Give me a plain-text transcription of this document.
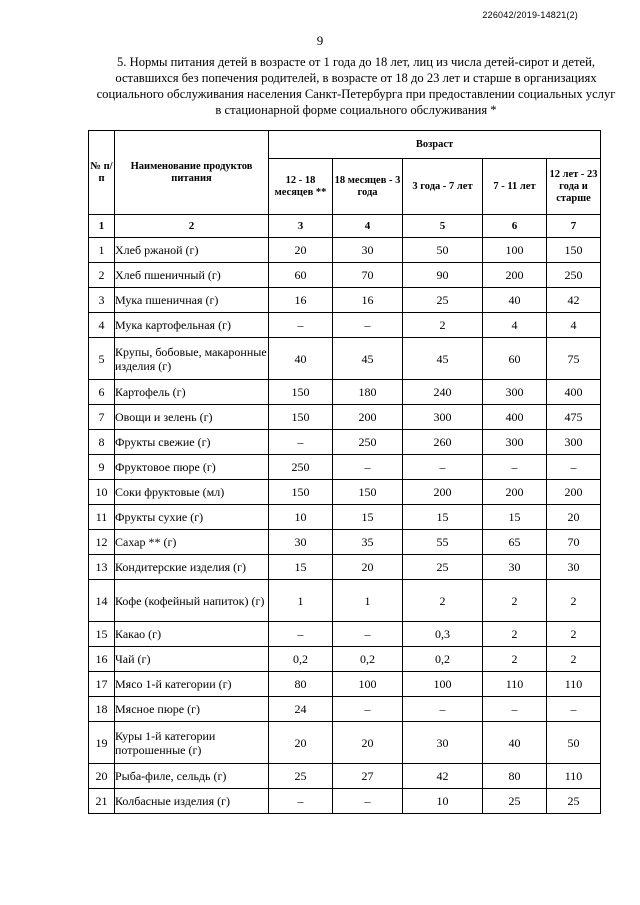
226042/2019-14821(2)
9
5. Нормы питания детей в возрасте от 1 года до 18 лет, лиц из числа детей-сирот и детей, оставшихся без попечения родителей, в возрасте от 18 до 23 лет и старше в организациях социального обслуживания населения Санкт-Петербурга при предоставлении социальных услуг в стационарной форме социального обслуживания *
№ п/п	Наименование продуктов питания	Возраст				
		12 - 18 месяцев **	18 месяцев - 3 года	3 года - 7 лет	7 - 11 лет	12 лет - 23 года и старше
1	2	3	4	5	6	7
1	Хлеб ржаной (г)	20	30	50	100	150
2	Хлеб пшеничный (г)	60	70	90	200	250
3	Мука пшеничная (г)	16	16	25	40	42
4	Мука картофельная (г)	–	–	2	4	4
5	Крупы, бобовые, макаронные изделия (г)	40	45	45	60	75
6	Картофель (г)	150	180	240	300	400
7	Овощи и зелень (г)	150	200	300	400	475
8	Фрукты свежие (г)	–	250	260	300	300
9	Фруктовое пюре (г)	250	–	–	–	–
10	Соки фруктовые (мл)	150	150	200	200	200
11	Фрукты сухие (г)	10	15	15	15	20
12	Сахар ** (г)	30	35	55	65	70
13	Кондитерские изделия (г)	15	20	25	30	30
14	Кофе (кофейный напиток) (г)	1	1	2	2	2
15	Какао (г)	–	–	0,3	2	2
16	Чай (г)	0,2	0,2	0,2	2	2
17	Мясо 1-й категории (г)	80	100	100	110	110
18	Мясное пюре (г)	24	–	–	–	–
19	Куры 1-й категории потрошенные (г)	20	20	30	40	50
20	Рыба-филе, сельдь (г)	25	27	42	80	110
21	Колбасные изделия (г)	–	–	10	25	25
